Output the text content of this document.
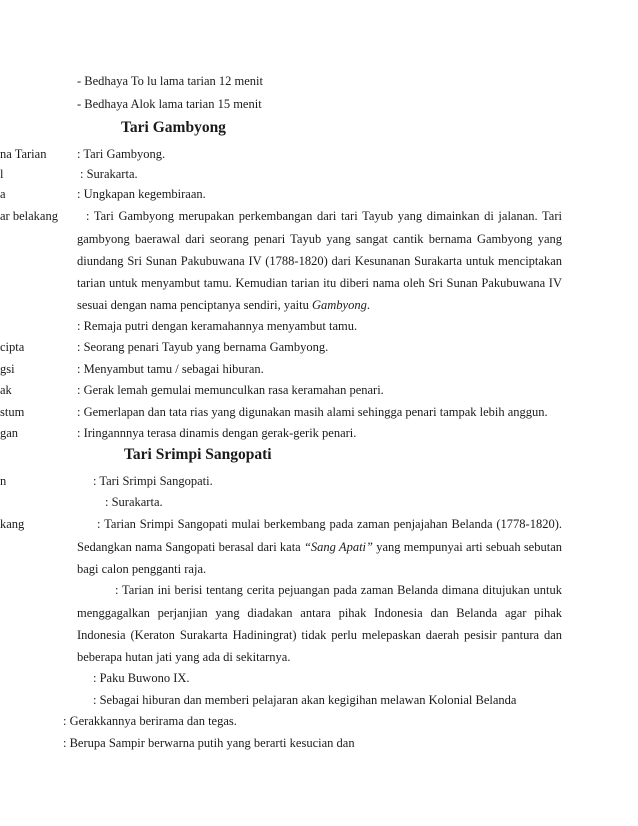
- Bedhaya To lu lama tarian 12 menit
- Bedhaya Alok lama tarian 15 menit
Tari Gambyong
na Tarian : Tari Gambyong.
l	: Surakarta.
a	: Ungkapan kegembiraan.
ar belakang : Tari Gambyong merupakan perkembangan dari tari Tayub yang dimainkan di jalanan. Tari
gambyong baerawal dari seorang penari Tayub yang sangat cantik bernama Gambyong yang
diundang Sri Sunan Pakubuwana IV (1788-1820) dari Kesunanan Surakarta untuk menciptakan
tarian untuk menyambut tamu. Kemudian tarian itu diberi nama oleh Sri Sunan Pakubuwana IV
sesuai dengan nama penciptanya sendiri, yaitu Gambyong.
: Remaja putri dengan keramahannya menyambut tamu.
cipta	: Seorang penari Tayub yang bernama Gambyong.
gsi	: Menyambut tamu / sebagai hiburan.
ak	: Gerak lemah gemulai memunculkan rasa keramahan penari.
stum	: Gemerlapan dan tata rias yang digunakan masih alami sehingga penari tampak lebih anggun.
gan	: Iringannnya terasa dinamis dengan gerak-gerik penari.
Tari Srimpi Sangopati
n	: Tari Srimpi Sangopati.
: Surakarta.
kang	: Tarian Srimpi Sangopati mulai berkembang pada zaman penjajahan Belanda (1778-1820).
Sedangkan nama Sangopati berasal dari kata “Sang Apati” yang mempunyai arti sebuah sebutan
bagi calon pengganti raja.
: Tarian ini berisi tentang cerita pejuangan pada zaman Belanda dimana ditujukan untuk
menggagalkan perjanjian yang diadakan antara pihak Indonesia dan Belanda agar pihak
Indonesia (Keraton Surakarta Hadiningrat) tidak perlu melepaskan daerah pesisir pantura dan
beberapa hutan jati yang ada di sekitarnya.
: Paku Buwono IX.
: Sebagai hiburan dan memberi pelajaran akan kegigihan melawan Kolonial Belanda
: Gerakkannya berirama dan tegas.
: Berupa Sampir berwarna putih yang berarti kesucian dan
